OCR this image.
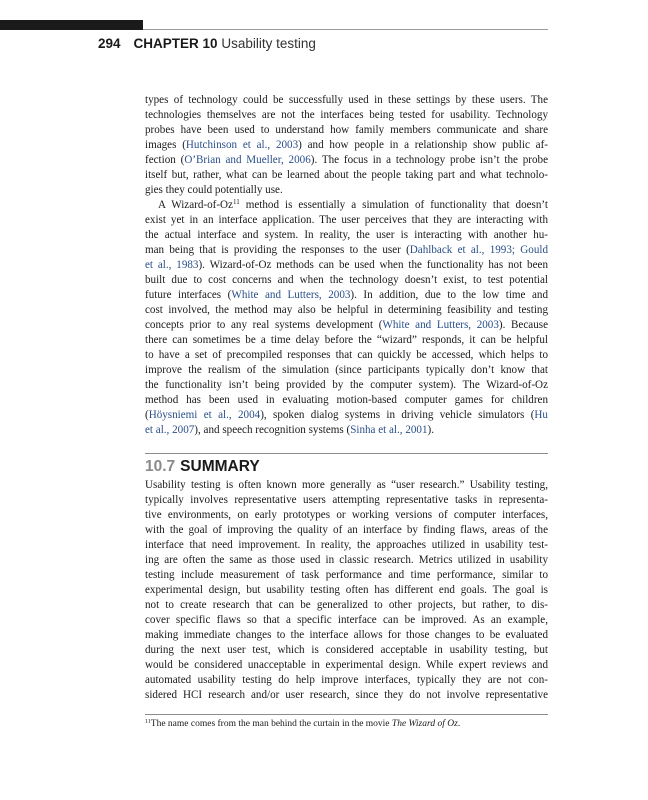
294 CHAPTER 10 Usability testing
types of technology could be successfully used in these settings by these users. The
technologies themselves are not the interfaces being tested for usability. Technology
probes have been used to understand how family members communicate and share
images (Hutchinson et al., 2003) and how people in a relationship show public af-
fection (O’Brian and Mueller, 2006). The focus in a technology probe isn’t the probe
itself but, rather, what can be learned about the people taking part and what technolo-
gies they could potentially use.
A Wizard-of-Oz$^{11}$ method is essentially a simulation of functionality that doesn’t
exist yet in an interface application. The user perceives that they are interacting with
the actual interface and system. In reality, the user is interacting with another hu-
man being that is providing the responses to the user (Dahlback et al., 1993; Gould
et al., 1983). Wizard-of-Oz methods can be used when the functionality has not been
built due to cost concerns and when the technology doesn’t exist, to test potential
future interfaces (White and Lutters, 2003). In addition, due to the low time and
cost involved, the method may also be helpful in determining feasibility and testing
concepts prior to any real systems development (White and Lutters, 2003). Because
there can sometimes be a time delay before the “wizard” responds, it can be helpful
to have a set of precompiled responses that can quickly be accessed, which helps to
improve the realism of the simulation (since participants typically don’t know that
the functionality isn’t being provided by the computer system). The Wizard-of-Oz
method has been used in evaluating motion-based computer games for children
(Höysniemi et al., 2004), spoken dialog systems in driving vehicle simulators (Hu
et al., 2007), and speech recognition systems (Sinha et al., 2001).
10.7 SUMMARY
Usability testing is often known more generally as “user research.” Usability testing,
typically involves representative users attempting representative tasks in representa-
tive environments, on early prototypes or working versions of computer interfaces,
with the goal of improving the quality of an interface by finding flaws, areas of the
interface that need improvement. In reality, the approaches utilized in usability test-
ing are often the same as those used in classic research. Metrics utilized in usability
testing include measurement of task performance and time performance, similar to
experimental design, but usability testing often has different end goals. The goal is
not to create research that can be generalized to other projects, but rather, to dis-
cover specific flaws so that a specific interface can be improved. As an example,
making immediate changes to the interface allows for those changes to be evaluated
during the next user test, which is considered acceptable in usability testing, but
would be considered unacceptable in experimental design. While expert reviews and
automated usability testing do help improve interfaces, typically they are not con-
sidered HCI research and/or user research, since they do not involve representative
$^{11}$The name comes from the man behind the curtain in the movie The Wizard of Oz.
